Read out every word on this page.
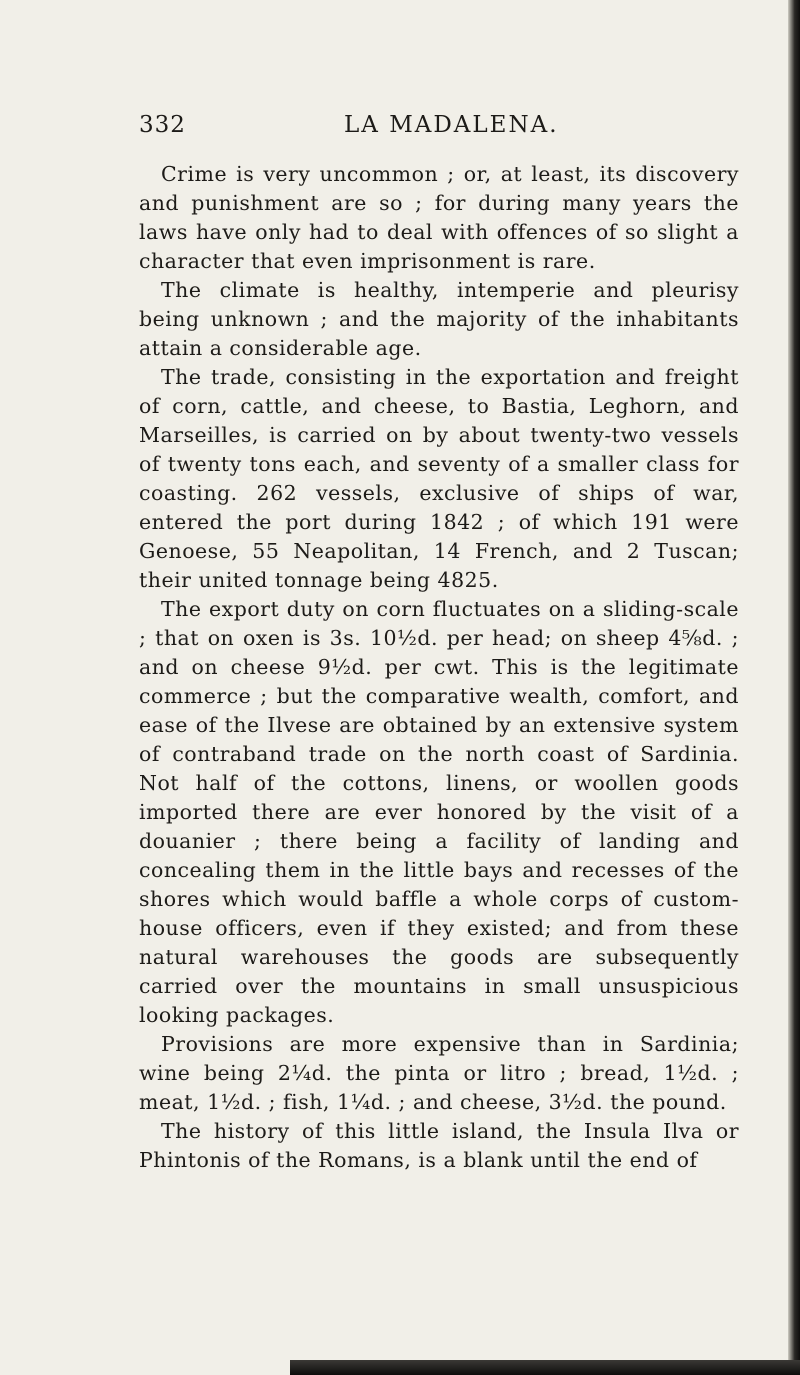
332	LA MADALENA.

Crime is very uncommon ; or, at least, its discovery and punishment are so ; for during many years the laws have only had to deal with offences of so slight a character that even imprisonment is rare.

The climate is healthy, intemperie and pleurisy being unknown ; and the majority of the inhabitants attain a considerable age.

The trade, consisting in the exportation and freight of corn, cattle, and cheese, to Bastia, Leghorn, and Marseilles, is carried on by about twenty-two vessels of twenty tons each, and seventy of a smaller class for coasting. 262 vessels, exclusive of ships of war, entered the port during 1842 ; of which 191 were Genoese, 55 Neapolitan, 14 French, and 2 Tuscan; their united tonnage being 4825.

The export duty on corn fluctuates on a sliding-scale ; that on oxen is 3s. 10½d. per head; on sheep 4⅝d. ; and on cheese 9½d. per cwt. This is the legitimate commerce ; but the comparative wealth, comfort, and ease of the Ilvese are obtained by an extensive system of contraband trade on the north coast of Sardinia. Not half of the cottons, linens, or woollen goods imported there are ever honored by the visit of a douanier ; there being a facility of landing and concealing them in the little bays and recesses of the shores which would baffle a whole corps of custom-house officers, even if they existed; and from these natural warehouses the goods are subsequently carried over the mountains in small unsuspicious looking packages.

Provisions are more expensive than in Sardinia; wine being 2¼d. the pinta or litro ; bread, 1½d. ; meat, 1½d. ; fish, 1¼d. ; and cheese, 3½d. the pound.

The history of this little island, the Insula Ilva or Phintonis of the Romans, is a blank until the end of
